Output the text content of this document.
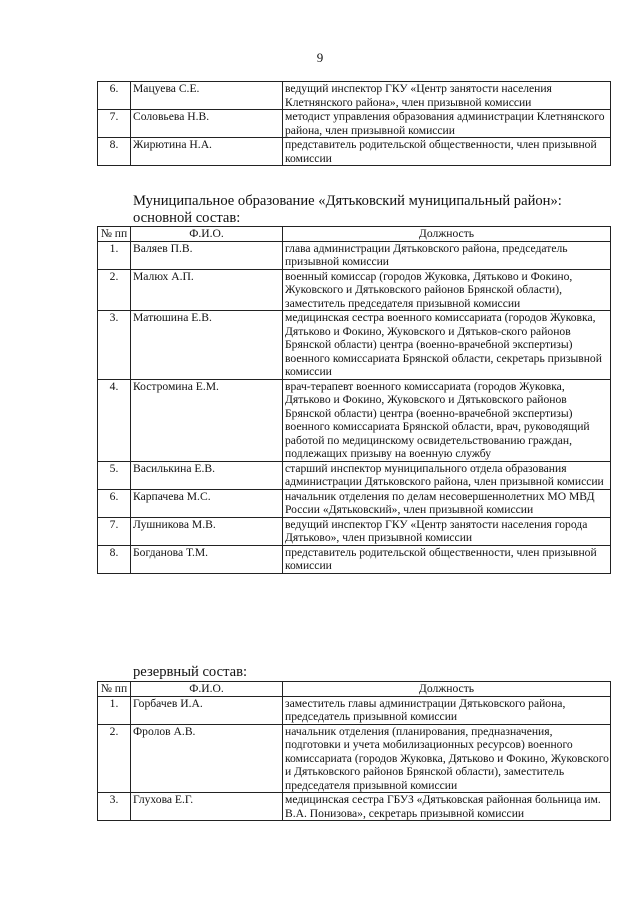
9
6.	Мацуева С.Е.	ведущий инспектор ГКУ «Центр занятости населения Клетнянского района», член призывной комиссии
7.	Соловьева Н.В.	методист управления образования администрации Клетнянского района, член призывной комиссии
8.	Жирютина Н.А.	представитель родительской общественности, член призывной комиссии
Муниципальное образование «Дятьковский муниципальный район»:
основной состав:
№ пп	Ф.И.О.	Должность
1.	Валяев П.В.	глава администрации Дятьковского района, председатель призывной комиссии
2.	Малюх А.П.	военный комиссар (городов Жуковка, Дятьково и Фокино, Жуковского и Дятьковского районов Брянской области), заместитель председателя призывной комиссии
3.	Матюшина Е.В.	медицинская сестра военного комиссариата (городов Жуковка, Дятьково и Фокино, Жуковского и Дятьков-ского районов Брянской области) центра (военно-врачебной экспертизы) военного комиссариата Брянской области, секретарь призывной комиссии
4.	Костромина Е.М.	врач-терапевт военного комиссариата (городов Жуковка, Дятьково и Фокино, Жуковского и Дятьковского районов Брянской области) центра (военно-врачебной экспертизы) военного комиссариата Брянской области, врач, руководящий работой по медицинскому освидетельствованию граждан, подлежащих призыву на военную службу
5.	Василькина Е.В.	старший инспектор муниципального отдела образования администрации Дятьковского района, член призывной комиссии
6.	Карпачева М.С.	начальник отделения по делам несовершеннолетних МО МВД России «Дятьковский», член призывной комиссии
7.	Лушникова М.В.	ведущий инспектор ГКУ «Центр занятости населения города Дятьково», член призывной комиссии
8.	Богданова Т.М.	представитель родительской общественности, член призывной комиссии
резервный состав:
№ пп	Ф.И.О.	Должность
1.	Горбачев И.А.	заместитель главы администрации Дятьковского района, председатель призывной комиссии
2.	Фролов А.В.	начальник отделения (планирования, предназначения, подготовки и учета мобилизационных ресурсов) военного комиссариата (городов Жуковка, Дятьково и Фокино, Жуковского и Дятьковского районов Брянской области), заместитель председателя призывной комиссии
3.	Глухова Е.Г.	медицинская сестра ГБУЗ «Дятьковская районная больница им. В.А. Понизова», секретарь призывной комиссии
